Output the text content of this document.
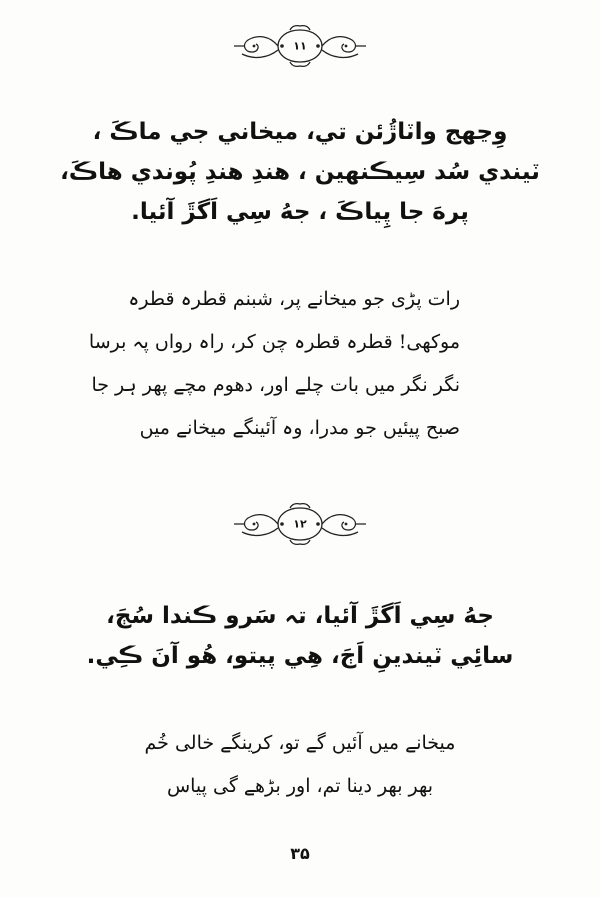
۱۱

وِڃهج واٽاڙُئن تي، ميخاني جي ماڪَ ،

ٽيندي سُد سِيڪنهين ، هندِ هندِ پُوندي هاڪَ،

پرهَ جا پِياڪَ ، جهُ سِي اَگڙَ آئيا.

رات پڑی جو میخانے پر، شبنم قطرہ قطرہ

موکھی! قطرہ قطرہ چن کر، راہ رواں پہ برسا

نگر نگر میں بات چلے اور، دھوم مچے پھر ہر جا

صبح پیئیں جو مدرا، وہ آئینگے میخانے میں

۱۲

جهُ سِي اَگڙَ آئيا، تہ سَرو ڪندا سُڄَ،

سائِي ٽيندينِ اَڄَ، هِي پيتو، هُو آنَ ڪِي.

میخانے میں آئیں گے تو، کرینگے خالی خُم

بھر بھر دینا تم، اور بڑھے گی پیاس

۳۵
